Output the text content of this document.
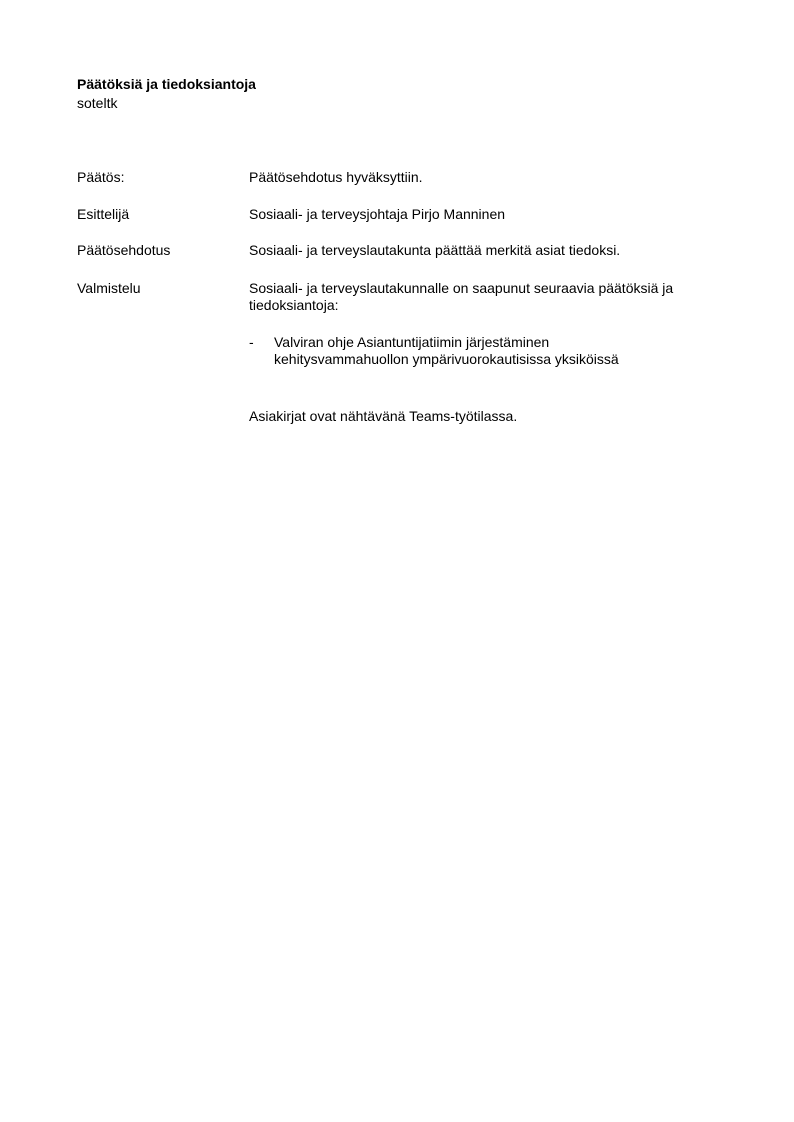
Päätöksiä ja tiedoksiantoja
soteltk
Päätös:	Päätösehdotus hyväksyttiin.
Esittelijä	Sosiaali- ja terveysjohtaja Pirjo Manninen
Päätösehdotus	Sosiaali- ja terveyslautakunta päättää merkitä asiat tiedoksi.
Valmistelu	Sosiaali- ja terveyslautakunnalle on saapunut seuraavia päätöksiä ja tiedoksiantoja:
- Valviran ohje Asiantuntijatiimin järjestäminen
kehitysvammahuollon ympärivuorokautisissa yksiköissä
Asiakirjat ovat nähtävänä Teams-työtilassa.
